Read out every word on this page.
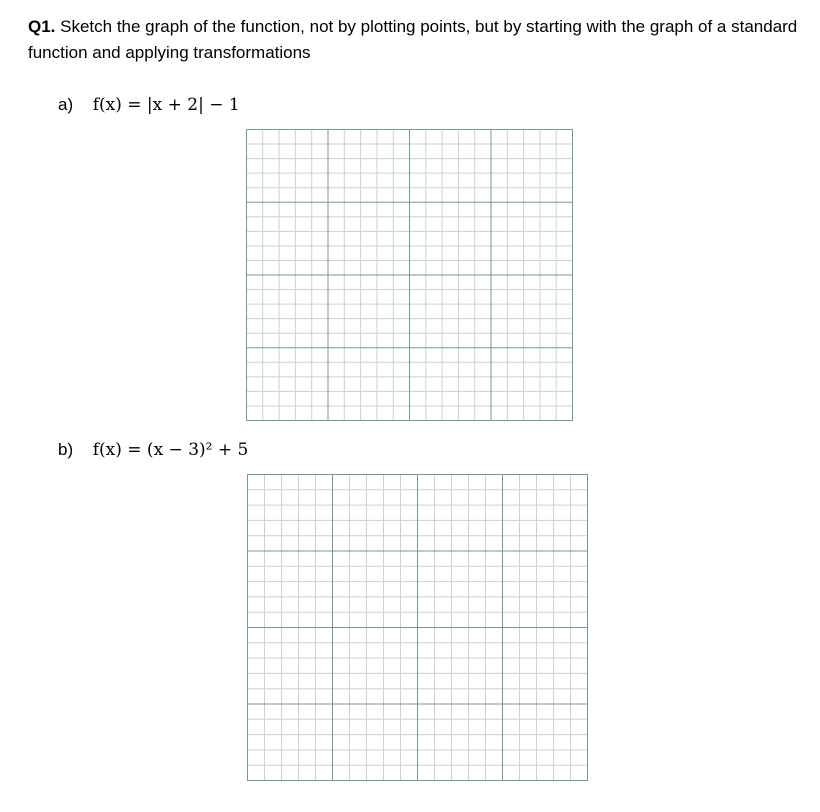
Q1. Sketch the graph of the function, not by plotting points, but by starting with the graph of a standard function and applying transformations
a) f(x) = |x + 2| − 1
b) f(x) = (x − 3)² + 5
